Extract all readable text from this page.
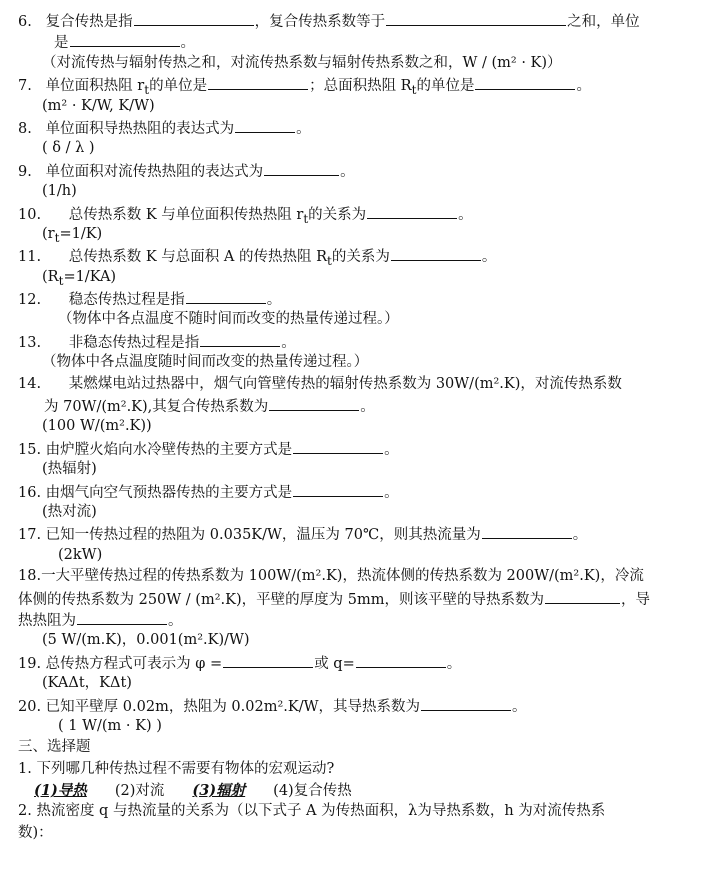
6. 复合传热是指	，复合传热系数等于	之和，单位
是	。
（对流传热与辐射传热之和，对流传热系数与辐射传热系数之和，W / (m² · K)）
7. 单位面积热阻 $r_t$的单位是	；总面积热阻 $R_t$的单位是	。
(m² · K/W, K/W)
8. 单位面积导热热阻的表达式为	。
( δ / λ )
9. 单位面积对流传热热阻的表达式为	。
(1/h)
10. 总传热系数 K 与单位面积传热热阻 $r_t$的关系为	。
$(r_t=1/K)$
11. 总传热系数 K 与总面积 A 的传热热阻 $R_t$的关系为	。
$(R_t=1/KA)$
12. 稳态传热过程是指	。
（物体中各点温度不随时间而改变的热量传递过程。）
13. 非稳态传热过程是指	。
（物体中各点温度随时间而改变的热量传递过程。）
14. 某燃煤电站过热器中，烟气向管壁传热的辐射传热系数为 30W/(m².K)，对流传热系数
为 70W/(m².K),其复合传热系数为	。
(100 W/(m².K))
15. 由炉膛火焰向水冷壁传热的主要方式是	。
(热辐射)
16. 由烟气向空气预热器传热的主要方式是	。
(热对流)
17. 已知一传热过程的热阻为 0.035K/W，温压为 70℃，则其热流量为	。
(2kW)
18.一大平壁传热过程的传热系数为 100W/(m².K)，热流体侧的传热系数为 200W/(m².K)，冷流
体侧的传热系数为 250W / (m².K)，平壁的厚度为 5mm，则该平壁的导热系数为	，导
热热阻为	。
(5 W/(m.K)，0.001(m².K)/W)
19. 总传热方程式可表示为 φ =	或 q=	。
(KAΔt，KΔt)
20. 已知平壁厚 0.02m，热阻为 0.02m².K/W，其导热系数为	。
( 1 W/(m · K) )
三、选择题
1. 下列哪几种传热过程不需要有物体的宏观运动?
(1)导热 (2)对流 (3)辐射 (4)复合传热
2. 热流密度 q 与热流量的关系为（以下式子 A 为传热面积，λ为导热系数，h 为对流传热系
数)：
